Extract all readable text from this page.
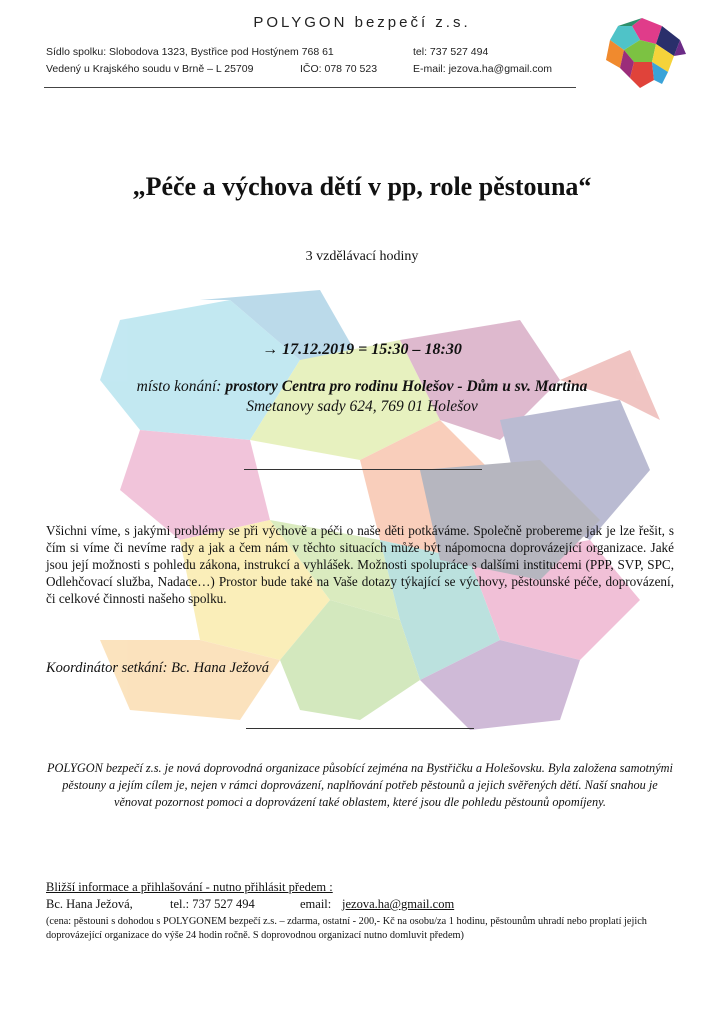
POLYGON bezpečí z.s.
Sídlo spolku: Slobodova 1323, Bystřice pod Hostýnem 768 61	tel: 737 527 494
Vedený u Krajského soudu v Brně – L 25709	IČO: 078 70 523	E-mail: jezova.ha@gmail.com
„Péče a výchova dětí v pp, role pěstouna“
3 vzdělávací hodiny
→ 17.12.2019 = 15:30 – 18:30
místo konání: prostory Centra pro rodinu Holešov - Dům u sv. Martina
Smetanovy sady 624, 769 01 Holešov
Všichni víme, s jakými problémy se při výchově a péči o naše děti potkáváme. Společně probereme jak je lze řešit, s čím si víme či nevíme rady a jak a čem nám v těchto situacích může být nápomocna doprovázející organizace. Jaké jsou její možnosti s pohledu zákona, instrukcí a vyhlášek. Možnosti spolupráce s dalšími institucemi (PPP, SVP, SPC, Odlehčovací služba, Nadace…) Prostor bude také na Vaše dotazy týkající se výchovy, pěstounské péče, doprovázení, či celkové činnosti našeho spolku.
Koordinátor setkání: Bc. Hana Ježová
POLYGON bezpečí z.s. je nová doprovodná organizace působící zejména na Bystřičku a Holešovsku. Byla založena samotnými pěstouny a jejím cílem je, nejen v rámci doprovázení, naplňování potřeb pěstounů a jejich svěřených dětí. Naší snahou je věnovat pozornost pomoci a doprovázení také oblastem, které jsou dle pohledu pěstounů opomíjeny.
Bližší informace a přihlašování - nutno přihlásit předem :
Bc. Hana Ježová,	tel.: 737 527 494	email: jezova.ha@gmail.com
(cena: pěstouni s dohodou s POLYGONEM bezpečí z.s. – zdarma, ostatní - 200,- Kč na osobu/za 1 hodinu, pěstounům uhradí nebo proplatí jejich doprovázející organizace do výše 24 hodin ročně. S doprovodnou organizací nutno domluvit předem)
